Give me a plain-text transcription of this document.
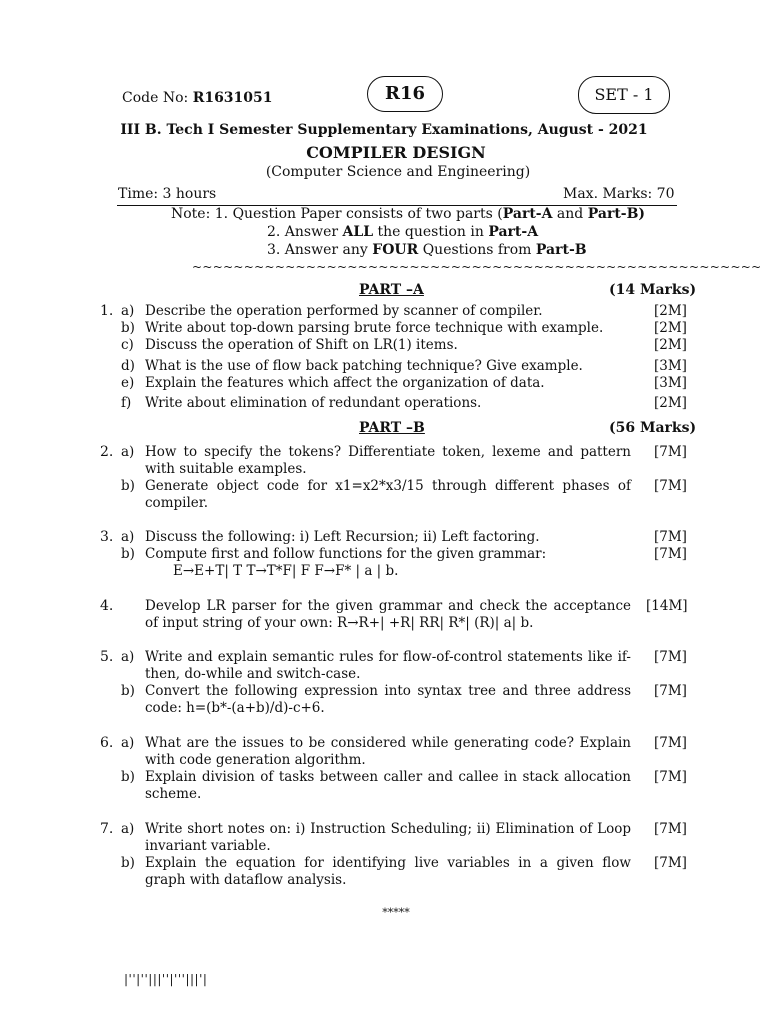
Code No: R1631051	R16	SET - 1
III B. Tech I Semester Supplementary Examinations, August - 2021
COMPILER DESIGN
(Computer Science and Engineering)
Time: 3 hours	Max. Marks: 70
Note: 1. Question Paper consists of two parts (Part-A and Part-B)
2. Answer ALL the question in Part-A
3. Answer any FOUR Questions from Part-B
~~~~~~~~~~~~~~~~~~~~~~~~~~~~~~~~~~~~~~~~~~~~~~~~~~~~~~~
PART –A	(14 Marks)
1. a) Describe the operation performed by scanner of compiler.	[2M]
b) Write about top-down parsing brute force technique with example.	[2M]
c) Discuss the operation of Shift on LR(1) items.	[2M]
d) What is the use of flow back patching technique? Give example.	[3M]
e) Explain the features which affect the organization of data.	[3M]
f) Write about elimination of redundant operations.	[2M]
PART –B	(56 Marks)
2. a) How to specify the tokens? Differentiate token, lexeme and pattern with suitable examples.
[7M]
b) Generate object code for x1=x2*x3/15 through different phases of compiler.
[7M]
3. a) Discuss the following: i) Left Recursion; ii) Left factoring.	[7M]
b) Compute first and follow functions for the given grammar:	[7M]
E→E+T| T T→T*F| F F→F* | a | b.
4. Develop LR parser for the given grammar and check the acceptance of input string of your own: R→R+| +R| RR| R*| (R)| a| b.
[14M]
5. a) Write and explain semantic rules for flow-of-control statements like if-then, do-while and switch-case.
[7M]
b) Convert the following expression into syntax tree and three address code: h=(b*-(a+b)/d)-c+6.
[7M]
6. a) What are the issues to be considered while generating code? Explain with code generation algorithm.
[7M]
b) Explain division of tasks between caller and callee in stack allocation scheme.
[7M]
7. a) Write short notes on: i) Instruction Scheduling; ii) Elimination of Loop invariant variable.
[7M]
b) Explain the equation for identifying live variables in a given flow graph with dataflow analysis.
[7M]
*****
|''|''|||''|'''|||'|
